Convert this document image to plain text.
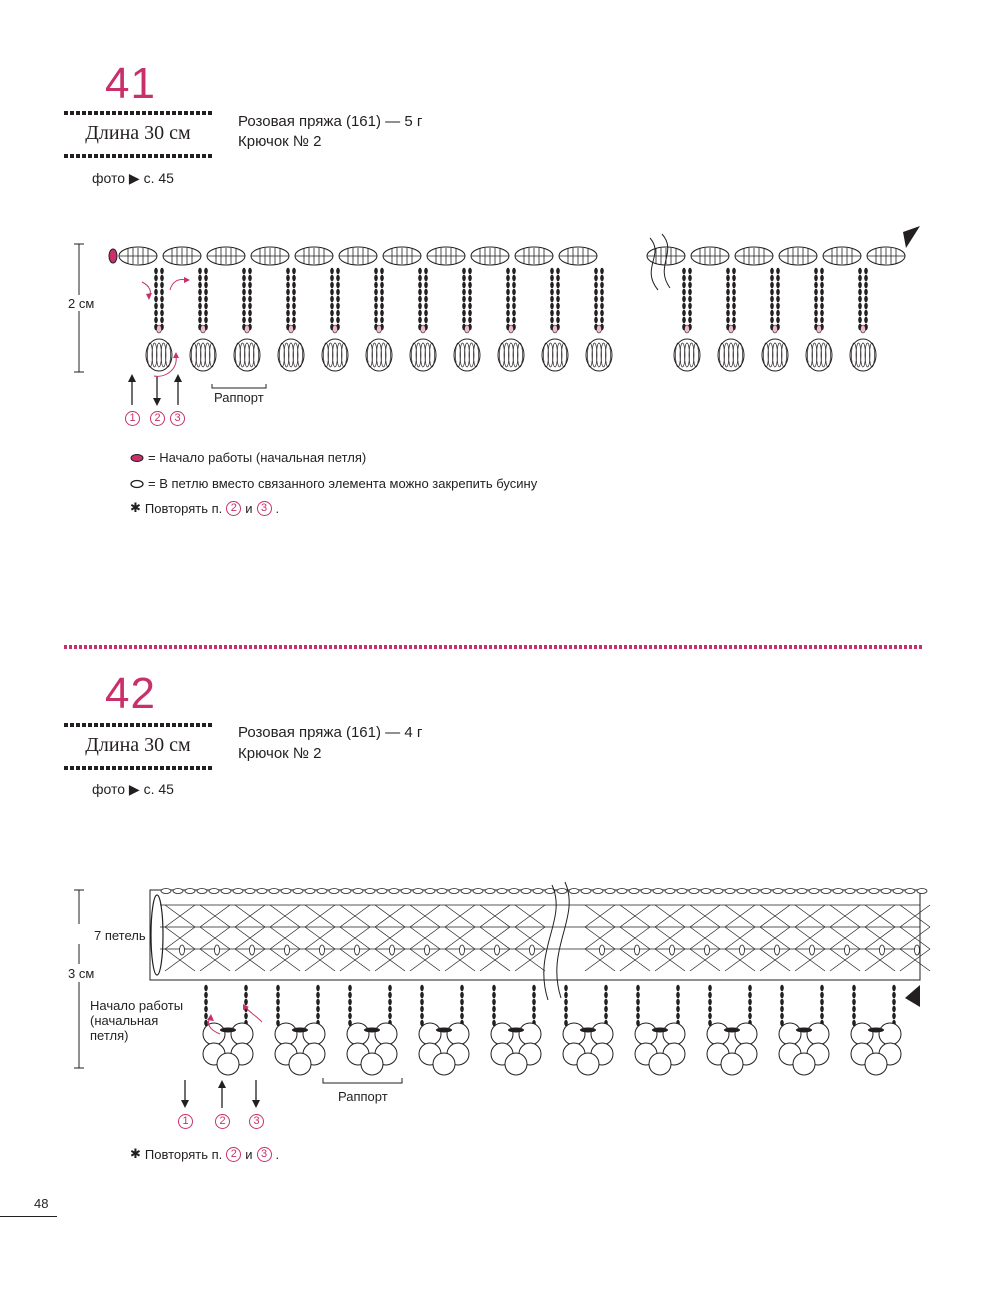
41
Длина 30 см
фото ▶ с. 45
Розовая пряжа (161) — 5 г
Крючок № 2
2 см
Раппорт
1	2	3
= Начало работы (начальная петля)
= В петлю вместо связанного элемента можно закрепить бусину
✱ Повторять п. 2 и 3 .
42
Длина 30 см
фото ▶ с. 45
Розовая пряжа (161) — 4 г
Крючок № 2
7 петель
3 см
Начало работы
(начальная
петля)
Раппорт
1	2	3
✱ Повторять п. 2 и 3 .
48
